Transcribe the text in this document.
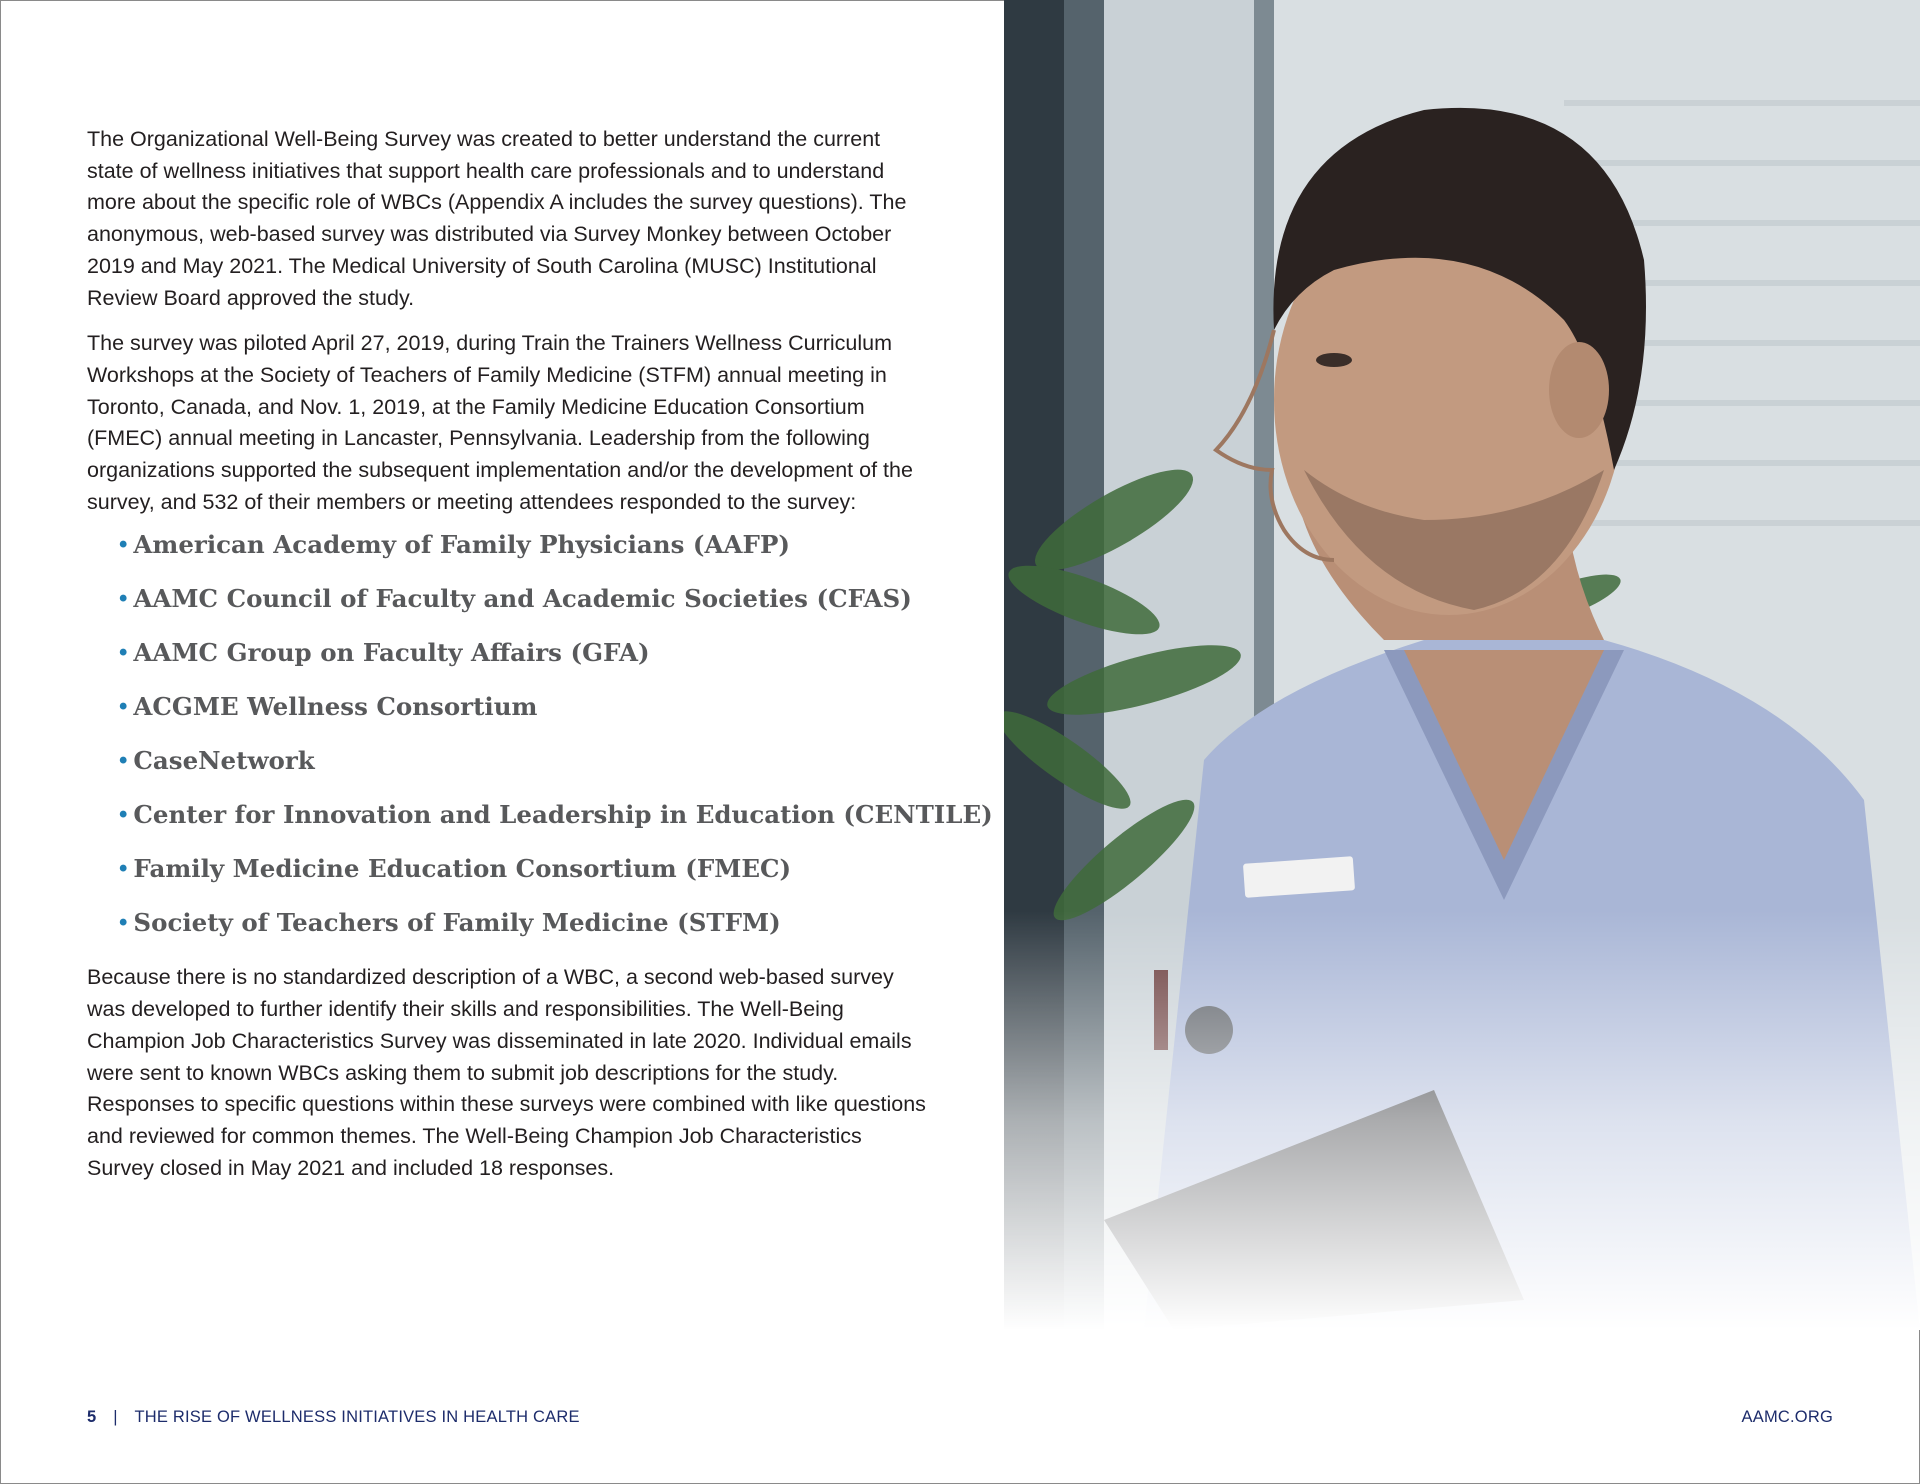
The Organizational Well-Being Survey was created to better understand the current state of wellness initiatives that support health care professionals and to understand more about the specific role of WBCs (Appendix A includes the survey questions). The anonymous, web-based survey was distributed via Survey Monkey between October 2019 and May 2021. The Medical University of South Carolina (MUSC) Institutional Review Board approved the study.

The survey was piloted April 27, 2019, during Train the Trainers Wellness Curriculum Workshops at the Society of Teachers of Family Medicine (STFM) annual meeting in Toronto, Canada, and Nov. 1, 2019, at the Family Medicine Education Consortium (FMEC) annual meeting in Lancaster, Pennsylvania. Leadership from the following organizations supported the subsequent implementation and/or the development of the survey, and 532 of their members or meeting attendees responded to the survey:

• American Academy of Family Physicians (AAFP)
• AAMC Council of Faculty and Academic Societies (CFAS)
• AAMC Group on Faculty Affairs (GFA)
• ACGME Wellness Consortium
• CaseNetwork
• Center for Innovation and Leadership in Education (CENTILE)
• Family Medicine Education Consortium (FMEC)
• Society of Teachers of Family Medicine (STFM)

Because there is no standardized description of a WBC, a second web-based survey was developed to further identify their skills and responsibilities. The Well-Being Champion Job Characteristics Survey was disseminated in late 2020. Individual emails were sent to known WBCs asking them to submit job descriptions for the study. Responses to specific questions within these surveys were combined with like questions and reviewed for common themes. The Well-Being Champion Job Characteristics Survey closed in May 2021 and included 18 responses.

5 | THE RISE OF WELLNESS INITIATIVES IN HEALTH CARE	AAMC.ORG
